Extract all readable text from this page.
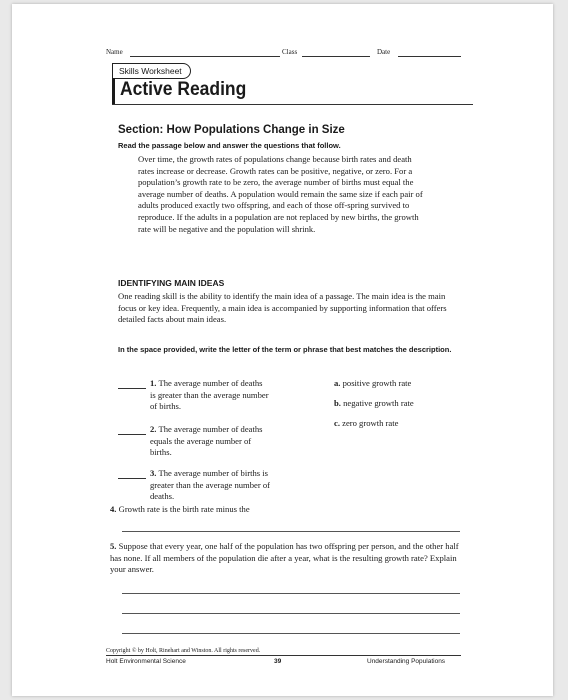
Name	Class	Date
Skills Worksheet
Active Reading
Section: How Populations Change in Size
Read the passage below and answer the questions that follow.
Over time, the growth rates of populations change because birth rates and death rates increase or decrease. Growth rates can be positive, negative, or zero. For a population’s growth rate to be zero, the average number of births must equal the average number of deaths. A population would remain the same size if each pair of adults produced exactly two offspring, and each of those off-spring survived to reproduce. If the adults in a population are not replaced by new births, the growth rate will be negative and the population will shrink.
IDENTIFYING MAIN IDEAS
One reading skill is the ability to identify the main idea of a passage. The main idea is the main focus or key idea. Frequently, a main idea is accompanied by supporting information that offers detailed facts about main ideas.
In the space provided, write the letter of the term or phrase that best matches the description.
1. The average number of deaths is greater than the average number of births.
2. The average number of deaths equals the average number of births.
3. The average number of births is greater than the average number of deaths.
a. positive growth rate
b. negative growth rate
c. zero growth rate
4. Growth rate is the birth rate minus the
5. Suppose that every year, one half of the population has two offspring per person, and the other half has none. If all members of the population die after a year, what is the resulting growth rate? Explain your answer.
Copyright © by Holt, Rinehart and Winston. All rights reserved.
Holt Environmental Science	39	Understanding Populations
